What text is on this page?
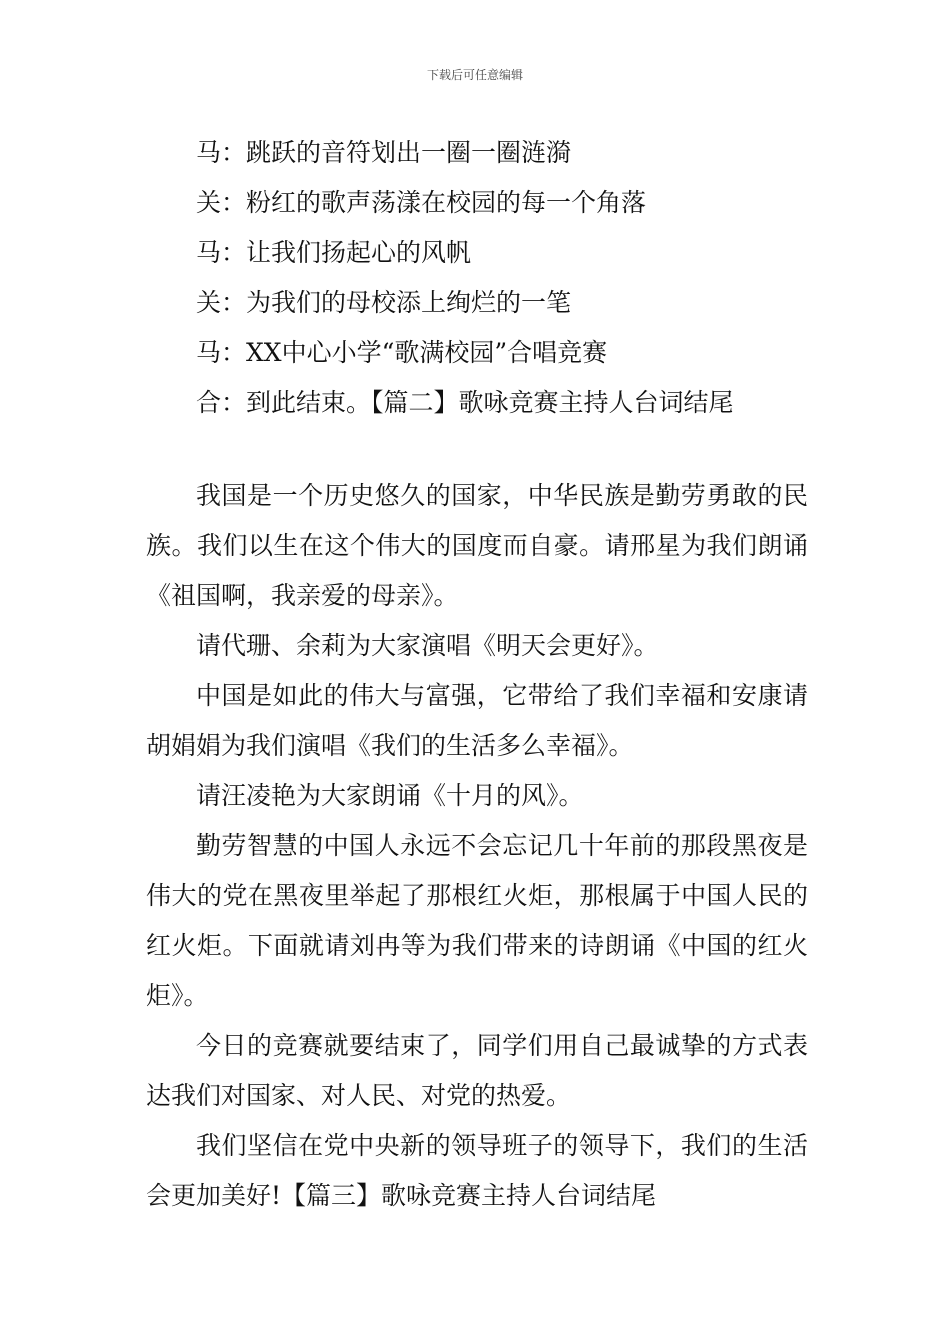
下载后可任意编辑
马：跳跃的音符划出一圈一圈涟漪
关：粉红的歌声荡漾在校园的每一个角落
马：让我们扬起心的风帆
关：为我们的母校添上绚烂的一笔
马：XX中心小学“歌满校园”合唱竞赛
合：到此结束。【篇二】歌咏竞赛主持人台词结尾

我国是一个历史悠久的国家，中华民族是勤劳勇敢的民族。我们以生在这个伟大的国度而自豪。请邢星为我们朗诵《祖国啊，我亲爱的母亲》。

请代珊、余莉为大家演唱《明天会更好》。

中国是如此的伟大与富强，它带给了我们幸福和安康请胡娟娟为我们演唱《我们的生活多么幸福》。

请汪凌艳为大家朗诵《十月的风》。

勤劳智慧的中国人永远不会忘记几十年前的那段黑夜是伟大的党在黑夜里举起了那根红火炬，那根属于中国人民的红火炬。下面就请刘冉等为我们带来的诗朗诵《中国的红火炬》。

今日的竞赛就要结束了，同学们用自己最诚挚的方式表达我们对国家、对人民、对党的热爱。

我们坚信在党中央新的领导班子的领导下，我们的生活会更加美好!【篇三】歌咏竞赛主持人台词结尾
